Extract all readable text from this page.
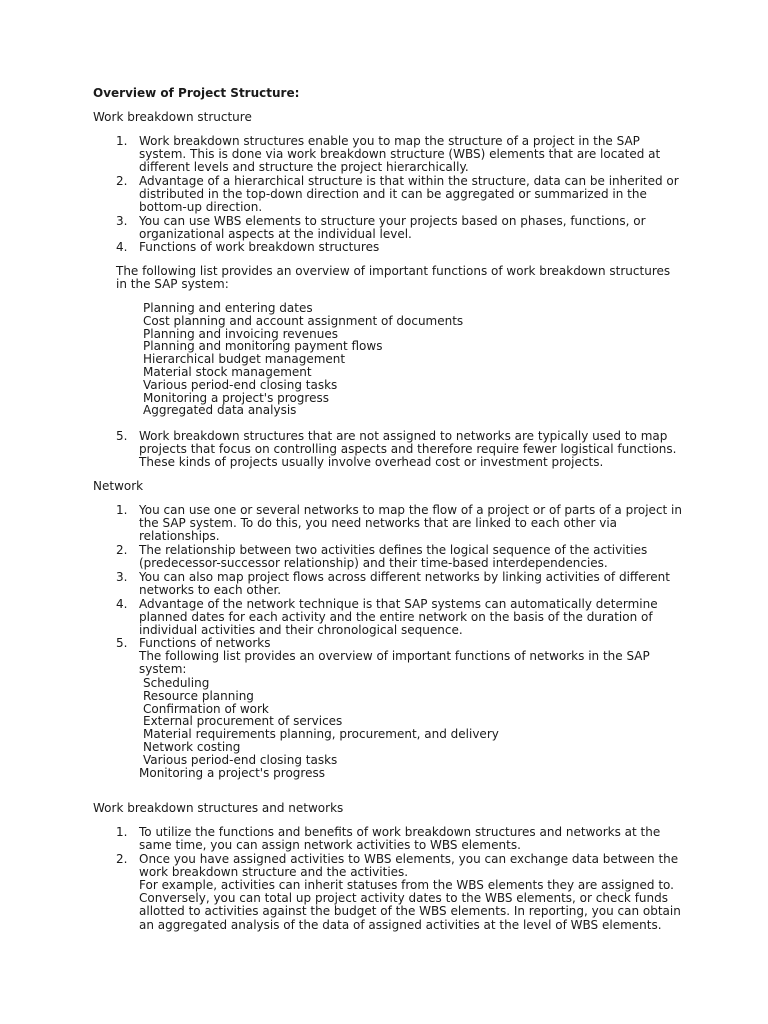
Overview of Project Structure:
Work breakdown structure
1. Work breakdown structures enable you to map the structure of a project in the SAP system. This is done via work breakdown structure (WBS) elements that are located at different levels and structure the project hierarchically.
2. Advantage of a hierarchical structure is that within the structure, data can be inherited or distributed in the top-down direction and it can be aggregated or summarized in the bottom-up direction.
3. You can use WBS elements to structure your projects based on phases, functions, or organizational aspects at the individual level.
4. Functions of work breakdown structures
The following list provides an overview of important functions of work breakdown structures in the SAP system:
Planning and entering dates
Cost planning and account assignment of documents
Planning and invoicing revenues
Planning and monitoring payment flows
Hierarchical budget management
Material stock management
Various period-end closing tasks
Monitoring a project's progress
Aggregated data analysis
5. Work breakdown structures that are not assigned to networks are typically used to map projects that focus on controlling aspects and therefore require fewer logistical functions. These kinds of projects usually involve overhead cost or investment projects.
Network
1. You can use one or several networks to map the flow of a project or of parts of a project in the SAP system. To do this, you need networks that are linked to each other via relationships.
2. The relationship between two activities defines the logical sequence of the activities (predecessor-successor relationship) and their time-based interdependencies.
3. You can also map project flows across different networks by linking activities of different networks to each other.
4. Advantage of the network technique is that SAP systems can automatically determine planned dates for each activity and the entire network on the basis of the duration of individual activities and their chronological sequence.
5. Functions of networks
The following list provides an overview of important functions of networks in the SAP system:
Scheduling
Resource planning
Confirmation of work
External procurement of services
Material requirements planning, procurement, and delivery
Network costing
Various period-end closing tasks
Monitoring a project's progress
Work breakdown structures and networks
1. To utilize the functions and benefits of work breakdown structures and networks at the same time, you can assign network activities to WBS elements.
2. Once you have assigned activities to WBS elements, you can exchange data between the work breakdown structure and the activities.
For example, activities can inherit statuses from the WBS elements they are assigned to. Conversely, you can total up project activity dates to the WBS elements, or check funds allotted to activities against the budget of the WBS elements. In reporting, you can obtain an aggregated analysis of the data of assigned activities at the level of WBS elements.
